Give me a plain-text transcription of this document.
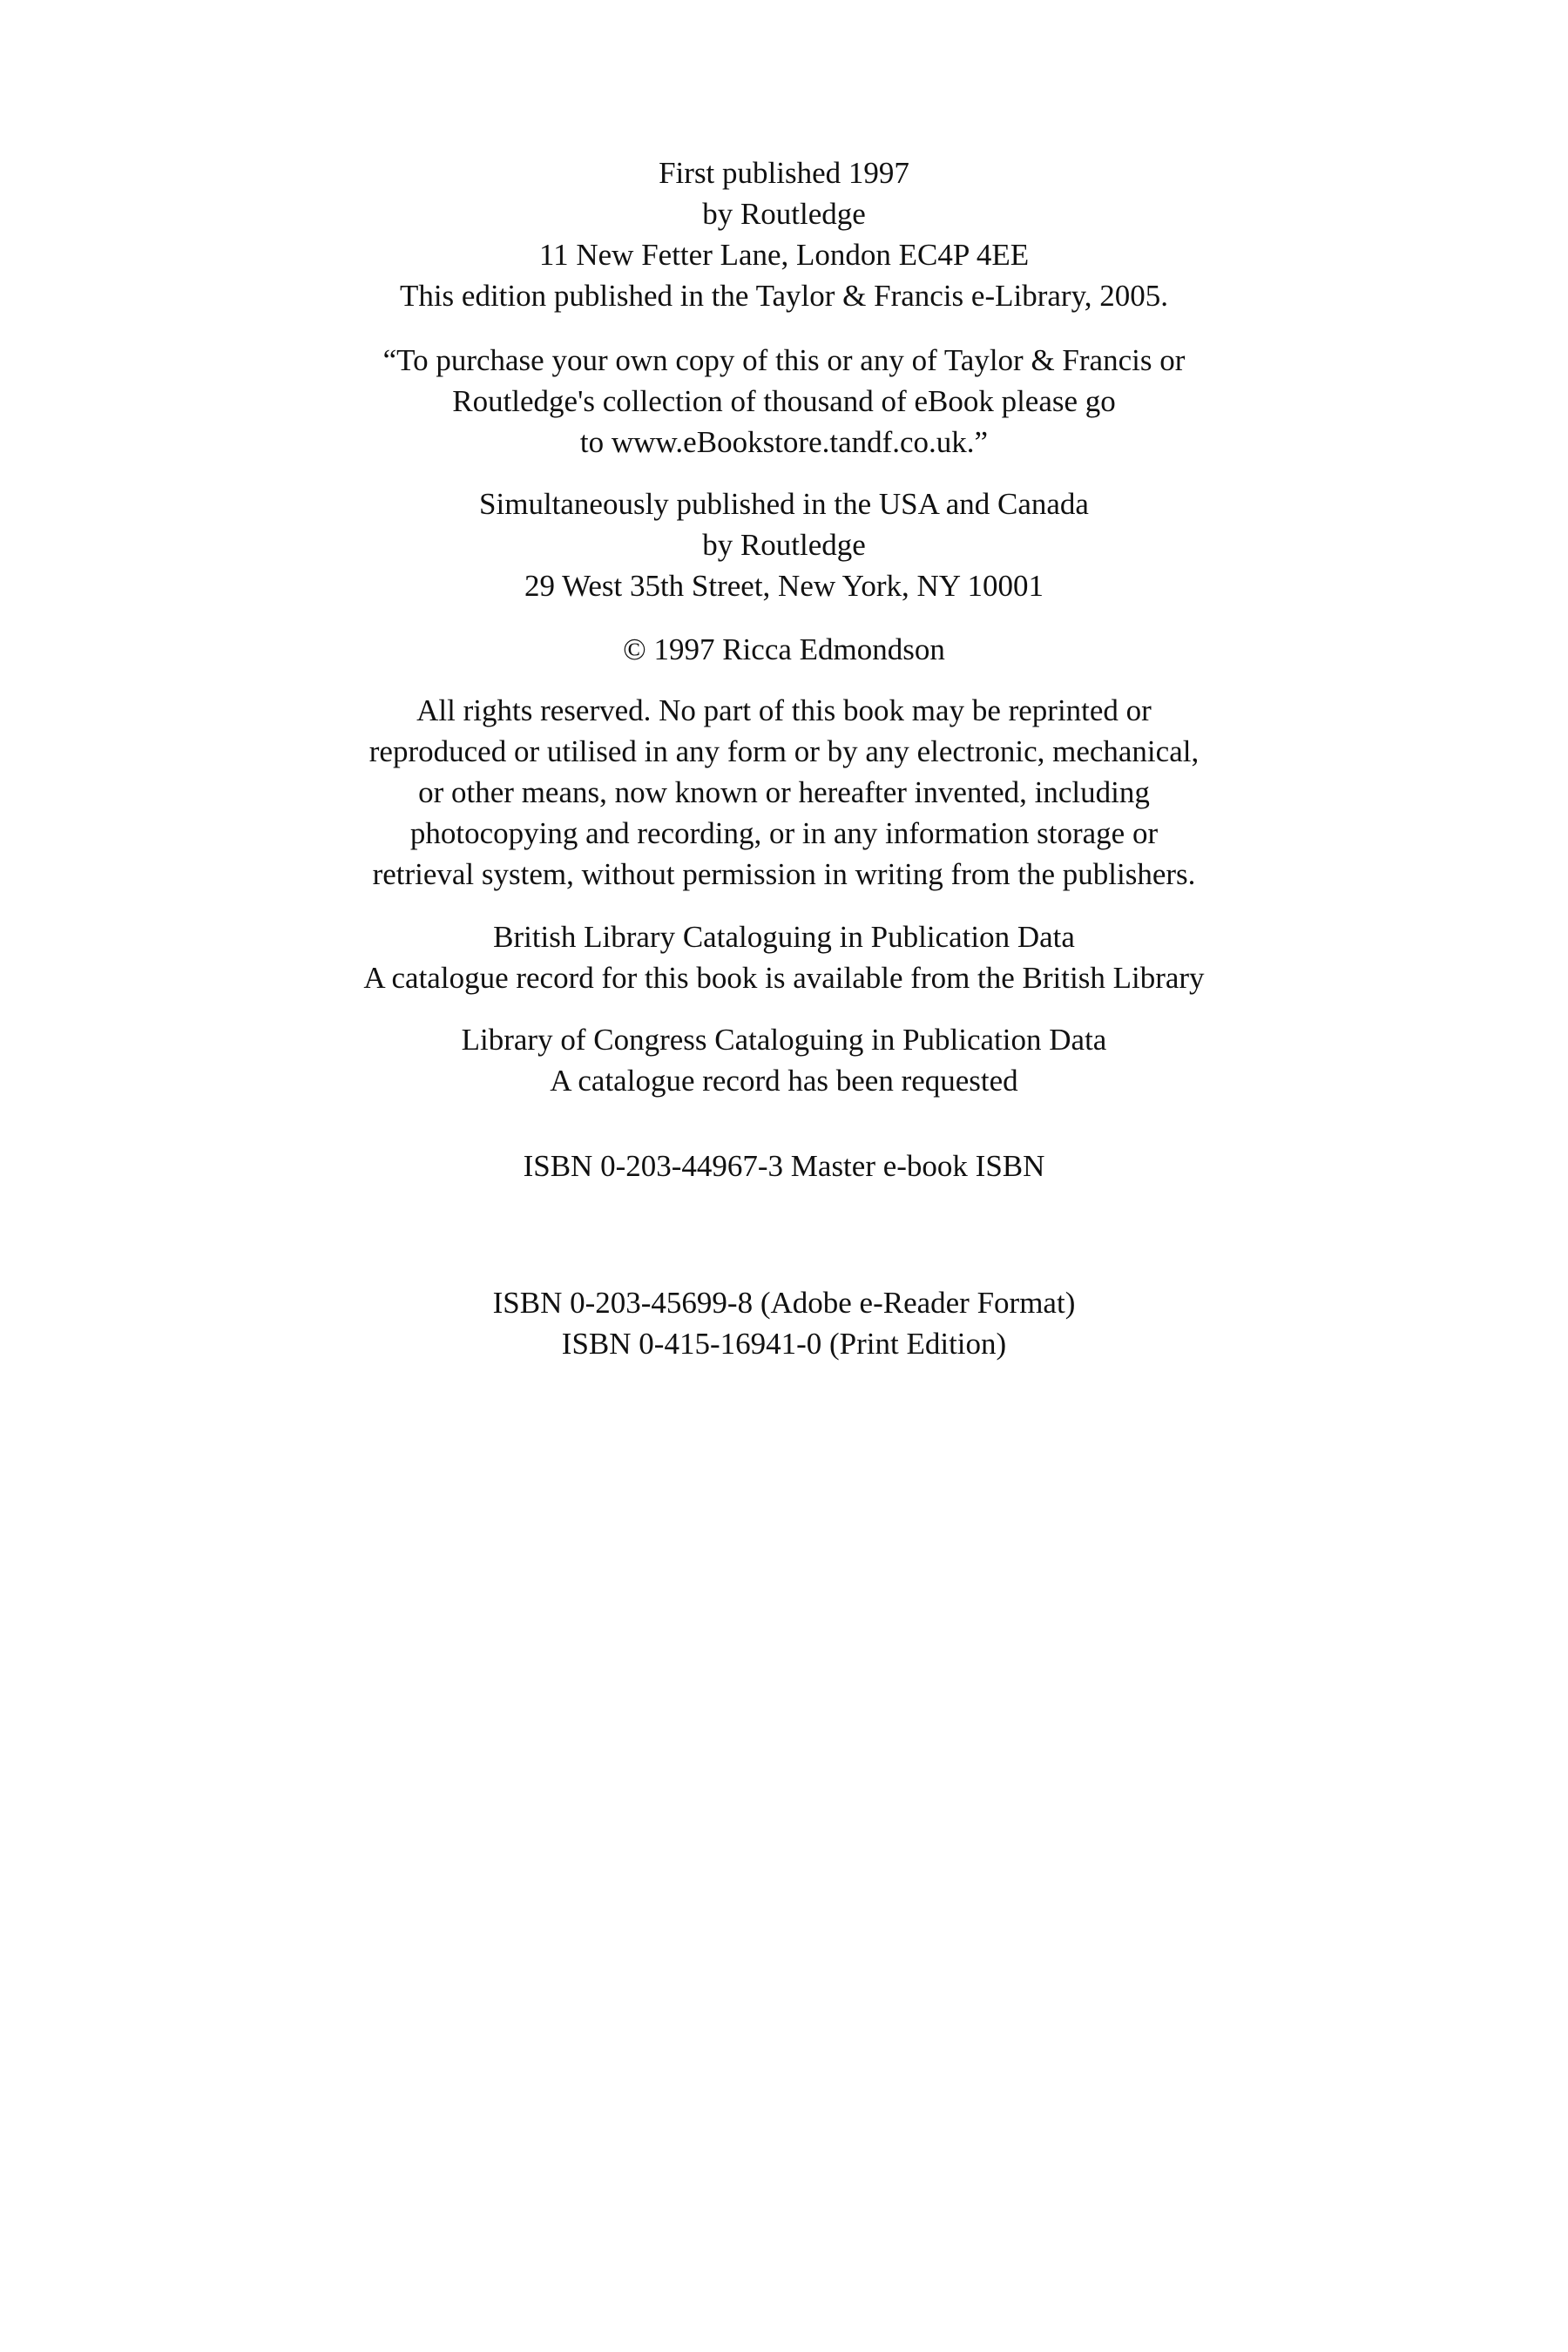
First published 1997
by Routledge
11 New Fetter Lane, London EC4P 4EE
This edition published in the Taylor & Francis e-Library, 2005.
“To purchase your own copy of this or any of Taylor & Francis or
Routledge's collection of thousand of eBook please go
to www.eBookstore.tandf.co.uk.”
Simultaneously published in the USA and Canada
by Routledge
29 West 35th Street, New York, NY 10001
© 1997 Ricca Edmondson
All rights reserved. No part of this book may be reprinted or
reproduced or utilised in any form or by any electronic, mechanical,
or other means, now known or hereafter invented, including
photocopying and recording, or in any information storage or
retrieval system, without permission in writing from the publishers.
British Library Cataloguing in Publication Data
A catalogue record for this book is available from the British Library
Library of Congress Cataloguing in Publication Data
A catalogue record has been requested
ISBN 0-203-44967-3 Master e-book ISBN
ISBN 0-203-45699-8 (Adobe e-Reader Format)
ISBN 0-415-16941-0 (Print Edition)
